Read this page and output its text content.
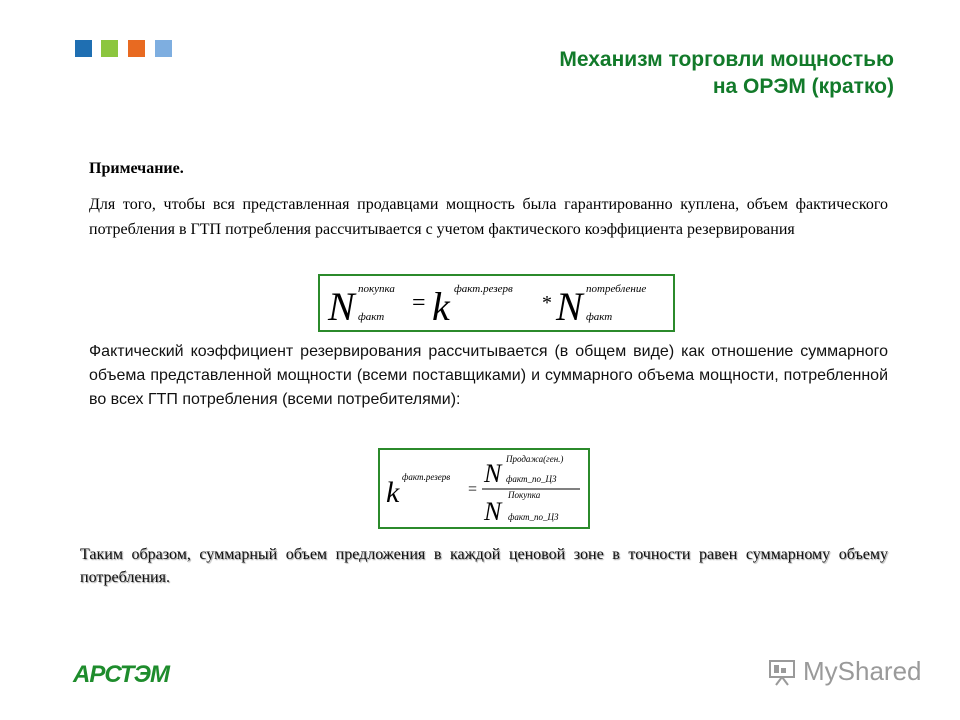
Механизм торговли мощностью
на ОРЭМ (кратко)
Примечание.
Для того, чтобы вся представленная продавцами мощность была гарантированно куплена, объем фактического потребления в ГТП потребления рассчитывается с учетом фактического коэффициента резервирования
N покупка
факт
= k факт.резерв
* N потребление
факт
Фактический коэффициент резервирования рассчитывается (в общем виде) как отношение суммарного объема представленной мощности (всеми поставщиками) и суммарного объема мощности, потребленной во всех ГТП потребления (всеми потребителями):
k факт.резерв
=
N Продажа(ген.)
факт_по_ЦЗ
N
Покупка
факт_по_ЦЗ
Таким образом, суммарный объем предложения в каждой ценовой зоне в точности равен суммарному объему потребления.
АРСТЭМ	MyShared
